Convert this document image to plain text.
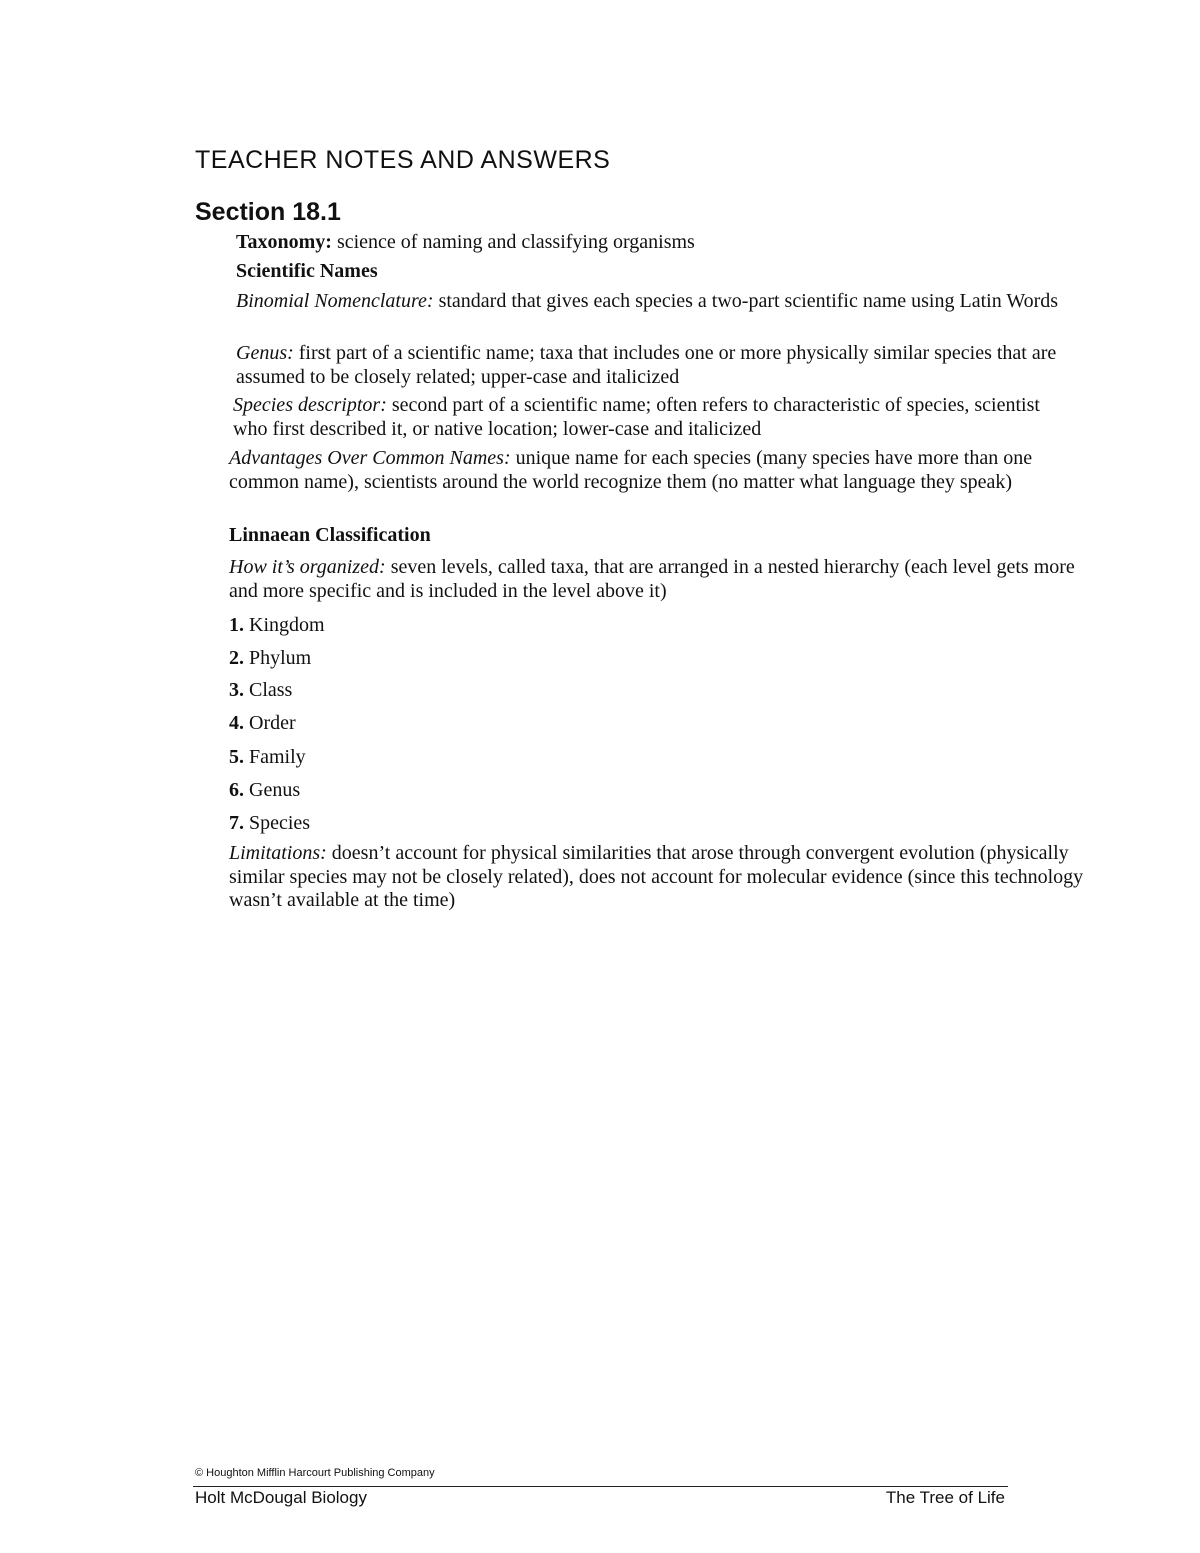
TEACHER NOTES AND ANSWERS
Section 18.1
Taxonomy: science of naming and classifying organisms
Scientific Names
Binomial Nomenclature: standard that gives each species a two-part scientific name using Latin Words
Genus: first part of a scientific name; taxa that includes one or more physically similar species that are assumed to be closely related; upper-case and italicized
Species descriptor: second part of a scientific name; often refers to characteristic of species, scientist who first described it, or native location; lower-case and italicized
Advantages Over Common Names: unique name for each species (many species have more than one common name), scientists around the world recognize them (no matter what language they speak)
Linnaean Classification
How it’s organized: seven levels, called taxa, that are arranged in a nested hierarchy (each level gets more and more specific and is included in the level above it)
1. Kingdom
2. Phylum
3. Class
4. Order
5. Family
6. Genus
7. Species
Limitations: doesn’t account for physical similarities that arose through convergent evolution (physically similar species may not be closely related), does not account for molecular evidence (since this technology wasn’t available at the time)
© Houghton Mifflin Harcourt Publishing Company
Holt McDougal Biology	The Tree of Life
